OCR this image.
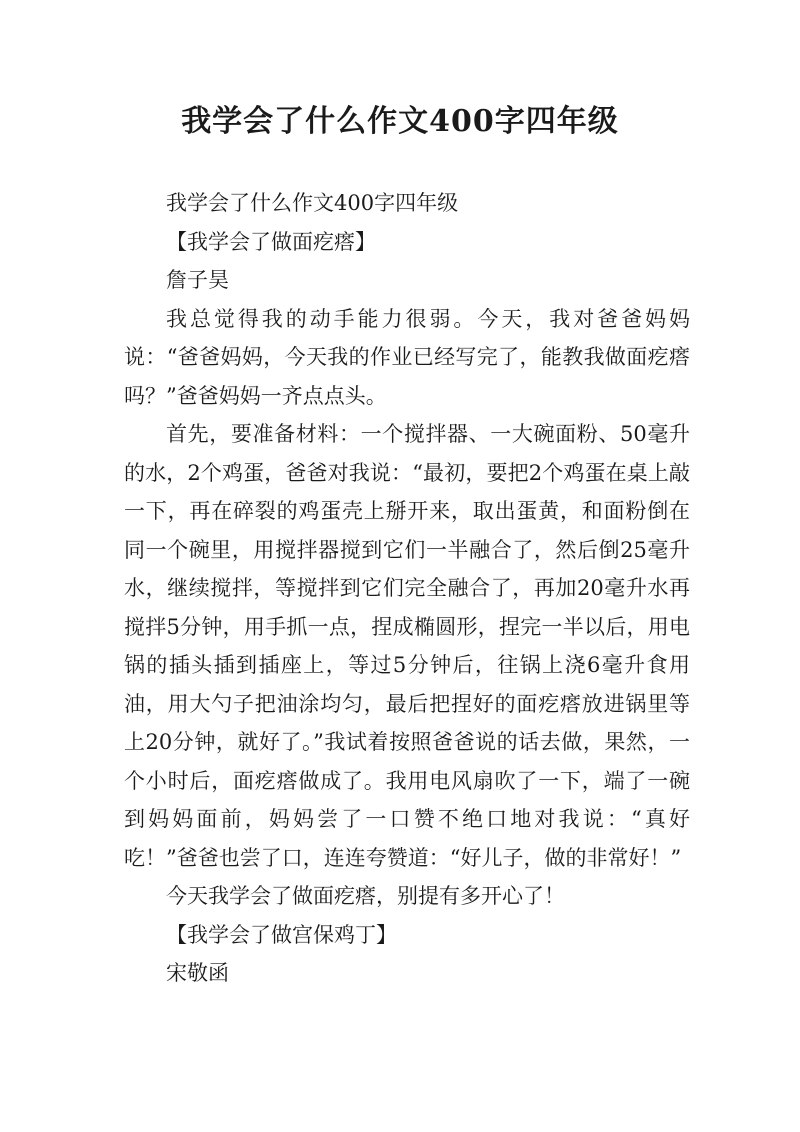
我学会了什么作文400字四年级

我学会了什么作文400字四年级

【我学会了做面疙瘩】

詹子昊

我总觉得我的动手能力很弱。今天，我对爸爸妈妈说：“爸爸妈妈，今天我的作业已经写完了，能教我做面疙瘩吗？”爸爸妈妈一齐点点头。

首先，要准备材料：一个搅拌器、一大碗面粉、50毫升的水，2个鸡蛋，爸爸对我说：“最初，要把2个鸡蛋在桌上敲一下，再在碎裂的鸡蛋壳上掰开来，取出蛋黄，和面粉倒在同一个碗里，用搅拌器搅到它们一半融合了，然后倒25毫升水，继续搅拌，等搅拌到它们完全融合了，再加20毫升水再搅拌5分钟，用手抓一点，捏成椭圆形，捏完一半以后，用电锅的插头插到插座上，等过5分钟后，往锅上浇6毫升食用油，用大勺子把油涂均匀，最后把捏好的面疙瘩放进锅里等上20分钟，就好了。”我试着按照爸爸说的话去做，果然，一个小时后，面疙瘩做成了。我用电风扇吹了一下，端了一碗到妈妈面前，妈妈尝了一口赞不绝口地对我说：“真好吃！”爸爸也尝了口，连连夸赞道：“好儿子，做的非常好！”

今天我学会了做面疙瘩，别提有多开心了！

【我学会了做宫保鸡丁】

宋敬函
